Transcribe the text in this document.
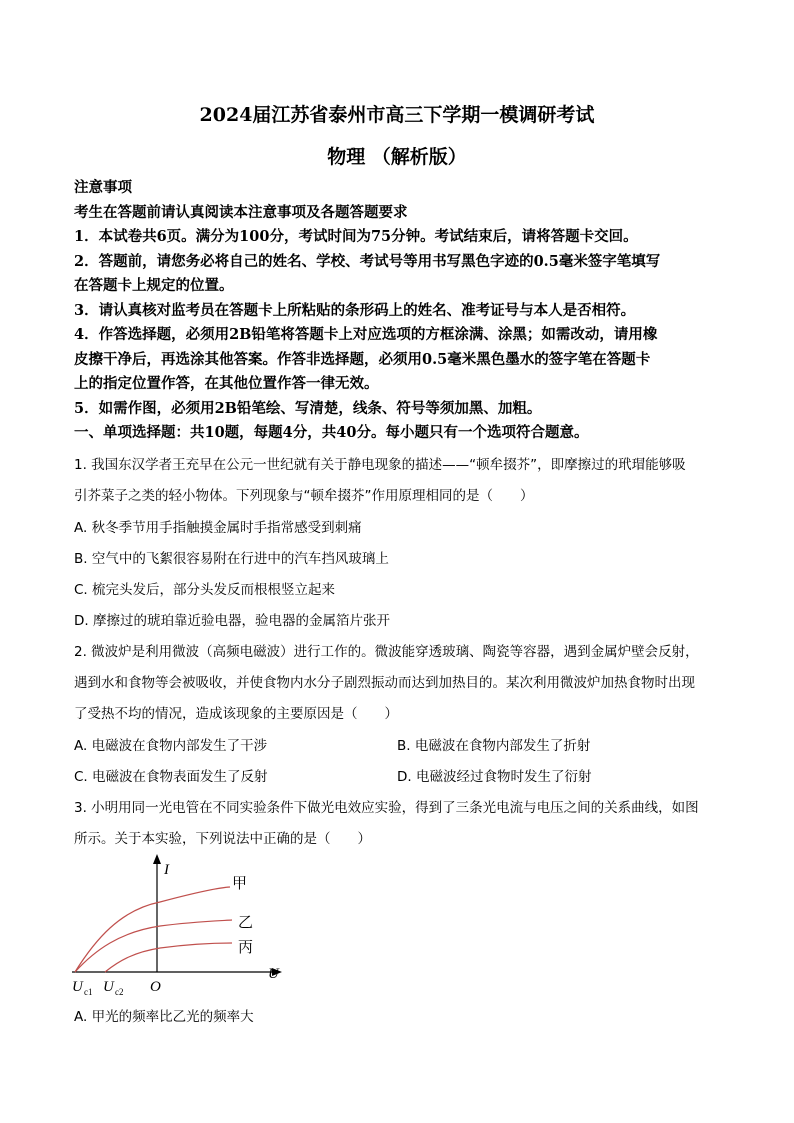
2024届江苏省泰州市高三下学期一模调研考试
物理 （解析版）
注意事项
考生在答题前请认真阅读本注意事项及各题答题要求
1．本试卷共6页。满分为100分，考试时间为75分钟。考试结束后，请将答题卡交回。
2．答题前，请您务必将自己的姓名、学校、考试号等用书写黑色字迹的0.5毫米签字笔填写
在答题卡上规定的位置。
3．请认真核对监考员在答题卡上所粘贴的条形码上的姓名、准考证号与本人是否相符。
4．作答选择题，必须用2B铅笔将答题卡上对应选项的方框涂满、涂黑；如需改动，请用橡
皮擦干净后，再选涂其他答案。作答非选择题，必须用0.5毫米黑色墨水的签字笔在答题卡
上的指定位置作答，在其他位置作答一律无效。
5．如需作图，必须用2B铅笔绘、写清楚，线条、符号等须加黑、加粗。
一、单项选择题：共10题，每题4分，共40分。每小题只有一个选项符合题意。
1. 我国东汉学者王充早在公元一世纪就有关于静电现象的描述——“顿牟掇芥”，即摩擦过的玳瑁能够吸
引芥菜子之类的轻小物体。下列现象与“顿牟掇芥”作用原理相同的是（　　）
A. 秋冬季节用手指触摸金属时手指常感受到刺痛
B. 空气中的飞絮很容易附在行进中的汽车挡风玻璃上
C. 梳完头发后，部分头发反而根根竖立起来
D. 摩擦过的琥珀靠近验电器，验电器的金属箔片张开
2. 微波炉是利用微波（高频电磁波）进行工作的。微波能穿透玻璃、陶瓷等容器，遇到金属炉壁会反射，
遇到水和食物等会被吸收，并使食物内水分子剧烈振动而达到加热目的。某次利用微波炉加热食物时出现
了受热不均的情况，造成该现象的主要原因是（　　）
A. 电磁波在食物内部发生了干涉	B. 电磁波在食物内部发生了折射
C. 电磁波在食物表面发生了反射	D. 电磁波经过食物时发生了衍射
3. 小明用同一光电管在不同实验条件下做光电效应实验，得到了三条光电流与电压之间的关系曲线，如图
所示。关于本实验，下列说法中正确的是（　　）
I
U
O
甲
乙
丙
U c1 U c2
A. 甲光的频率比乙光的频率大
